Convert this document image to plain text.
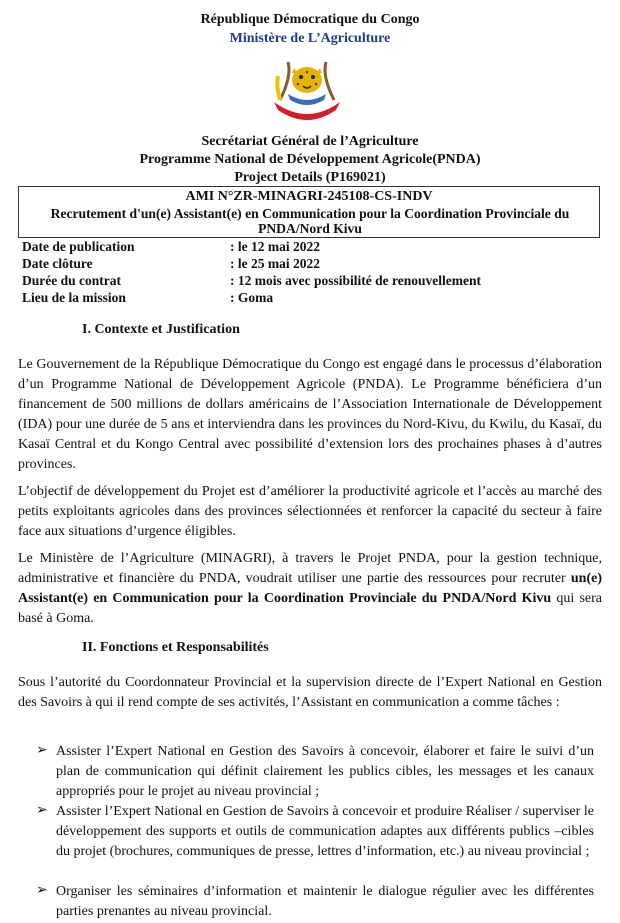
République Démocratique du Congo
Ministère de L’Agriculture
Secrétariat Général de l’Agriculture
Programme National de Développement Agricole(PNDA)
Project Details (P169021)
AMI N°ZR-MINAGRI-245108-CS-INDV
Recrutement d'un(e) Assistant(e) en Communication pour la Coordination Provinciale du PNDA/Nord Kivu
Date de publication	: le 12 mai 2022
Date clôture	: le 25 mai 2022
Durée du contrat	: 12 mois avec possibilité de renouvellement
Lieu de la mission	: Goma
I. Contexte et Justification
Le Gouvernement de la République Démocratique du Congo est engagé dans le processus d’élaboration d’un Programme National de Développement Agricole (PNDA). Le Programme bénéficiera d’un financement de 500 millions de dollars américains de l’Association Internationale de Développement (IDA) pour une durée de 5 ans et interviendra dans les provinces du Nord-Kivu, du Kwilu, du Kasaï, du Kasaï Central et du Kongo Central avec possibilité d’extension lors des prochaines phases à d’autres provinces.
L’objectif de développement du Projet est d’améliorer la productivité agricole et l’accès au marché des petits exploitants agricoles dans des provinces sélectionnées et renforcer la capacité du secteur à faire face aux situations d’urgence éligibles.
Le Ministère de l’Agriculture (MINAGRI), à travers le Projet PNDA, pour la gestion technique, administrative et financière du PNDA, voudrait utiliser une partie des ressources pour recruter un(e) Assistant(e) en Communication pour la Coordination Provinciale du PNDA/Nord Kivu qui sera basé à Goma.
II. Fonctions et Responsabilités
Sous l’autorité du Coordonnateur Provincial et la supervision directe de l’Expert National en Gestion des Savoirs à qui il rend compte de ses activités, l’Assistant en communication a comme tâches :
➢ Assister l’Expert National en Gestion des Savoirs à concevoir, élaborer et faire le suivi d’un plan de communication qui définit clairement les publics cibles, les messages et les canaux appropriés pour le projet au niveau provincial ;
➢ Assister l’Expert National en Gestion de Savoirs à concevoir et produire Réaliser / superviser le développement des supports et outils de communication adaptes aux différents publics –cibles du projet (brochures, communiques de presse, lettres d’information, etc.) au niveau provincial ;
➢ Organiser les séminaires d’information et maintenir le dialogue régulier avec les différentes parties prenantes au niveau provincial.
